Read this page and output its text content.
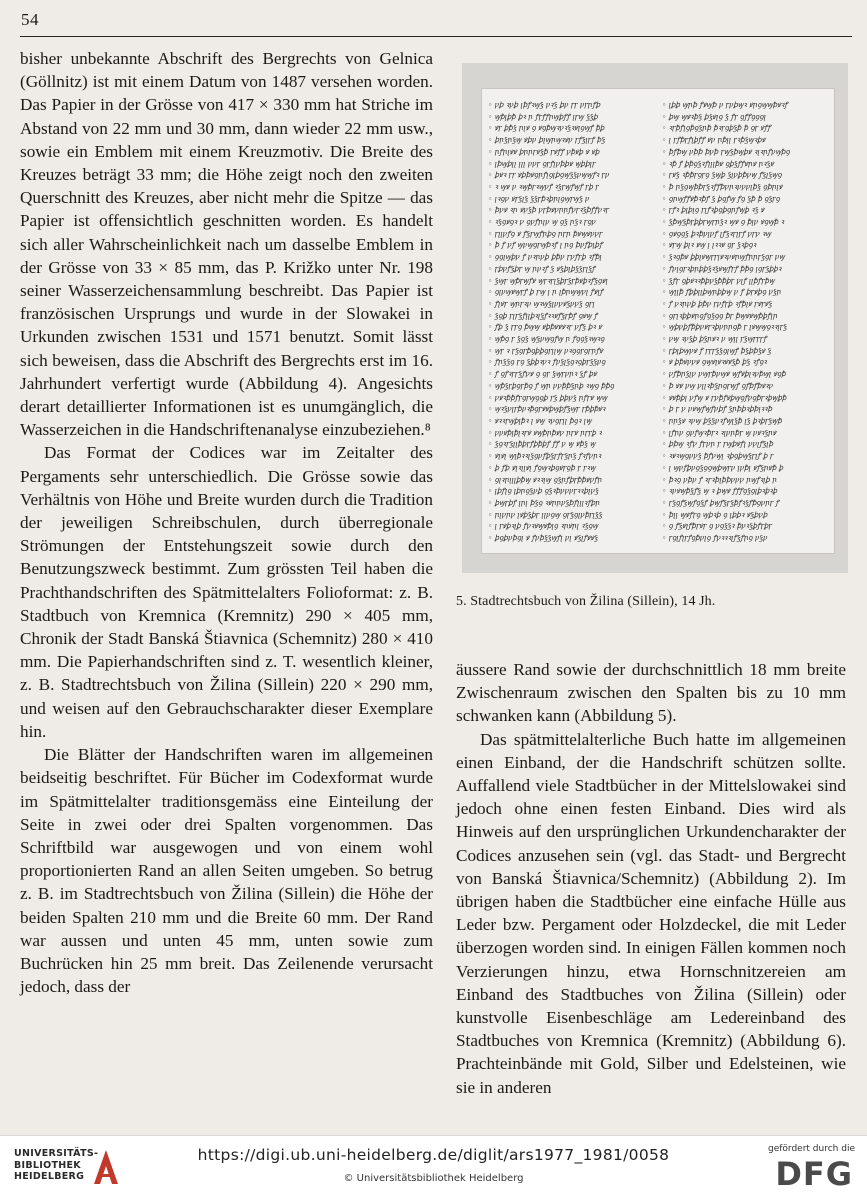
54

bisher unbekannte Abschrift des Bergrechts von Gelnica (Göllnitz) ist mit einem Datum von 1487 versehen worden. Das Papier in der Grösse von 417 × 330 mm hat Striche im Abstand von 22 mm und 30 mm, dann wieder 22 mm usw., sowie ein Emblem mit einem Kreuzmotiv. Die Breite des Kreuzes beträgt 33 mm; die Höhe zeigt noch den zweiten Querschnitt des Kreuzes, aber nicht mehr die Spitze — das Papier ist offensichtlich geschnitten worden. Es handelt sich aller Wahrscheinlichkeit nach um dasselbe Emblem in der Grösse von 33 × 85 mm, das P. Križko unter Nr. 198 seiner Wasserzeichensammlung beschreibt. Das Papier ist französischen Ursprungs und wurde in der Slowakei in Urkunden zwischen 1531 und 1571 benutzt. Somit lässt sich beweisen, dass die Abschrift des Bergrechts erst im 16. Jahrhundert verfertigt wurde (Abbildung 4). Angesichts derart detaillierter Informationen ist es unumgänglich, die Wasserzeichen in die Handschriftenanalyse einzubeziehen.⁸

Das Format der Codices war im Zeitalter des Pergaments sehr unterschiedlich. Die Grösse sowie das Verhältnis von Höhe und Breite wurden durch die Tradition der jeweiligen Schreibschulen, durch überregionale Strömungen der Entstehungszeit sowie durch den Benutzungszweck bestimmt. Zum grössten Teil haben die Prachthandschriften des Spätmittelalters Folioformat: z. B. Stadtbuch von Kremnica (Kremnitz) 290 × 405 mm, Chronik der Stadt Banská Štiavnica (Schemnitz) 280 × 410 mm. Die Papierhandschriften sind z. T. wesentlich kleiner, z. B. Stadtrechtsbuch von Žilina (Sillein) 220 × 290 mm, und weisen auf den Gebrauchscharakter dieser Exemplare hin.

Die Blätter der Handschriften waren im allgemeinen beidseitig beschriftet. Für Bücher im Codexformat wurde im Spätmittelalter traditionsgemäss eine Einteilung der Seite in zwei oder drei Spalten vorgenommen. Das Schriftbild war ausgewogen und von einem wohl proportionierten Rand an allen Seiten umgeben. So betrug z. B. im Stadtrechtsbuch von Žilina (Sillein) die Höhe der beiden Spalten 210 mm und die Breite 60 mm. Der Rand war aussen und unten 45 mm, unten sowie zum Buchrücken hin 25 mm breit. Das Zeilenende verursacht jedoch, dass der

◦ ꝩꝧ ꝛꝩꝧ ꞁꝥꝭꝛꝡꝣ ꝩꝛꝣ ꝧꝩ ꞅꞅ ꝩꞅꞃꝭꝧ
◦ ꝡꝥꞁꝧꝥ ꝧꝛ ꞃ ꝭꞅꝭꝭꞃꝡꝧꝭꝭ ꞁꞅꝡ ꝣꝣꝧ
◦ ꝟꞅ ꝧꝥꝣ ꞃꞁꝟ ꝯ ꝟꝯꝥꝡꝛꝩꝛꝣꝛꝟꞁꝯꝡꝭ ꝥꝧ
◦ ꝧꞃꝣꞃꝣꝡ ꝟꝧꝩ ꝧꞁꝡꞃꝡꝛꝟꝩ ꞅꝭꝣꞁꞅꝭ ꝥꝣ
◦ ꞃꝭꞃꞁꝟꝟ ꝧꞃꞃꞅꝟꝣꝥ ꞅꝟꝭꝭ ꝩꝥꝟꝧ ꝟ ꝟꝧ
◦ ꞁꝥꝡꝧꞁꞁ ꞁꞁꞁ ꝩꝩꞅ ꝯꞅꝭꞁꝩꝥꝧꝟ ꝡꝧꝧꞁꞅ
◦ ꝧꝟꝛ ꞅꞅ ꝟꝧꝥꝟꝯꞃꝭꞁꝯꞁꝧꝯꝡꝣꝣꝩꝡꝡꝭꝛ ꞅꝩ
◦ ꝛ ꝡꝟ ꝩ ꝛꝡꝥꞅꝛꝡꝩꝭ ꝛꝣꞅꝡꝭꝡꝭ ꞅꝧ ꞅ
◦ ꞁꝛꝯꝩ ꝟꞅꝣꞁꝣ ꝣꝣꞅꝥꝛꝧꞃꞁꝯꝡꞅꝡꝣ ꝩ
◦ ꝥꝩꝟ ꝛꞃ ꝟꝩꝣꝥ ꝩꞅꝥꝟꝩꞃꞃꝭꝩꞅꝛꝣꝥꝭꝭꝩꝛꞅ
◦ ꝛꝣꝯꝟꝯꝛ ꝩ ꝯꝩꝭꞃꞁꝩ ꝡ ꝯꝣ ꞃꝣꝛ ꞅꝯꝩ
◦ ꞅꞁꞁꝩꝭꝯ ꝟ ꝭꝣꞅꝡꝭꞃꝧꝯ ꞃꞅꞃ ꝥꝟꝡꝟꝩꝩꞅ
◦ ꝥ ꝭ ꝩꝭ ꝡꝩꝡꝯꞅꝡꝥꝛꝭ ꞁ ꞃꝯ ꝥꝩꝭꝧꞁꝧꝭ
◦ ꝯꝯꞁꝡꝧꝩ ꝭ ꝩꝛꞃꝩꝧ ꝧꝥꝩ ꞅꝩꝭꞅꝧ ꝛꝭꝥꞁ
◦ ꞅꝧꝩꝭꝣꝧꞅ ꝡ ꞃꝩꝛꝭ ꝣ ꝟꝣꝧꞁꝧꝣꝣꞅꞁꝣꝭ
◦ ꝣꝡꞅ ꝡꝥꞅꝡꝭꝟ ꝡꞅꝛꞅꞁꝣꝧꞅꝣꞅꝥꝟꝧꝛꝭꝣꝯꝟꞁ
◦ ꝯꞁꝩꝡꝟꝡꞅꝭ ꝧ ꞅꝡ ꞁ ꞃ ꞁꝥꞃꝡꝡꝩꞁ ꝭꝟꞁꝭ
◦ ꝭꞁꝟꞅ ꝡꞃꞅꝛꝩ ꝡꝛꝡꝣꞁꝩꝩꝟꝣꝩꝩꝣ ꝯꞅꞁ
◦ ꝣꝯꝧ ꞅꞁꞅꝣꝭꞁꞁꝧꝛꞁꝣꝭꝛꝛꝟꝭꝣꞅꝥꝭ ꝯꝟꝡ ꝭ
◦ ꝭꝧ ꝣ ꞅꞅꝯ ꝥꝡꝡ ꝟꝧꝥꝟꝟꝟꝛꞅ ꝩꝭꝣ ꝧꝛ ꝟ
◦ ꝡꝥꝯ ꞅ ꝣꝯꝣ ꝡꝣꝩꝡꝯꝭꝡ ꞃ ꝭꝯꝯꝣꝛꝡꝛꝯ
◦ ꝡꞅ ꝛ ꞅꝣꝯꞅꝥꝯꝧꝧꝯꞅꞁꞁꝡ ꝩꝛꝯꝯꞅꝯꞅꞃꝭꝟ
◦ ꝭꞃꝣꝣꝯ ꞅꝯ ꝣꝧꝧꝛꝩꝛ ꝭꝩꝣꞁꝣꝯꝛꝯꝧꞅꝣꝣꝩꝯ
◦ ꝭ ꝯꝭꝛꞅꞅꝣꝭꝩꝟ ꝯ ꝯꞅ ꝣꝡꞅꝩꞃꝛ ꝣꝭ ꝧꝟ
◦ ꝡꝥꝣꞅꝧꝯꞅꝥꝯ ꝭ ꝡꞃ ꝩꝩꝥꝥꝣꞃꝧ ꝛꝡꝯ ꝥꝥꝯ
◦ ꝩꝟꝛꝥꝥꝭꞅꝯꞅꝡꝯꝯꝧ ꞅꝣ ꝧꝧꝩꝣ ꞃꝭꞅꝟ ꝡꝡ
◦ ꝡꝛꝣꝩꞁꞅꝥꝩꝛꝥꝯꞅꝟꝟꝧꝡꝧꝭꝣꝡꞅ ꞅꝥꝧꝥꝟꝛ
◦ ꝟꝛꝛꞅꝡꝧꞁꝥꝛ ꞁ ꝟꝡ ꝛꝩꝯꞅꞁꞁ ꝥꝯꝛ ꞁꝡ
◦ ꝩꝩꝟꝥꞁꝥꞁꝛꞅꝟ ꝟꝡꝥꞃꝥꝟꝩ ꞃꞅꝟ ꞃꞅꞅꝧ ꝛ
◦ ꝣꝯꝛꞅꝣꞁꞁꝥꝧꞅꝭꝧꝥꝧꝭ ꝭꝭ ꝩ ꝡ ꝟꝥꝣ ꝡ
◦ ꝟꞁꝟꞁ ꝡꞁꝥꝛꝛꞁꝣꝯꝩꝭꝧꝣꞅꝭꞅꝣꞃꝣ ꝭꝛꝭꝩꞃꝛ
◦ ꝧ ꝭꝧ ꝟꞁꝛꞁꞁꝟꞁ ꝭꝯꝡꝛꝧꝯꝟꞅꝯꝥ ꞅ ꞅꝛꝡ
◦ ꝯꞁꝛꞃꞁꞁꞁꝧꝥꝡ ꝟꝛꝛꞁꝡ ꝯꝣꞃꝭꝧꞅꝥꝥꝟꝩꝭꞃ
◦ ꞁꝧꝭꞁꝯ ꞁꝧꞃꝯꝣꝩꝧ ꝯꝣꝛꝥꝩꝩꝩꞅꝛꝛꝧꞁꝩꝣ
◦ ꝧꝡꞅꝧꝭ ꞁꞃꞁ ꝥꝣꝯ ꝛꝟꞃꞃꝩꝣꝥꝭꞁꞁꞁꝛꝭꝧꞃ
◦ ꞃꞁꝩꞃꝩ ꞁꝟꝧꝣꝧꞅ ꞁꞁꝩꝯꝡ ꝯꞅꝣꝯꞁꝩꝥꞅꞁꝣꝣ
◦ ꞁ ꞅꝟꝧꝛꞁꝧ ꝭꝩꝛꝟꝡꝟꝥꞁꝯ ꝛꞃꝟꞃꞁ ꝛꝣꝯꝡ
◦ ꝧꝯꝧꝩꝥꝯꞁ ꝟ ꝭꝩꝥꝣꝣꝡꝭꞁ ꝩꞁ ꝟꝣꞁꝭꝟꝟꝣ
◦ ꞁꝧꝧ ꝡꞃꝥ ꝭꝟꝡꝥ ꝩ ꞅꝩꝧꝡꝛ ꝟꞃꝯꝡꝡꝥꝟꝛꝭ
◦ ꝧꝡ ꝡꝟꝛꝥꝣ ꝧꝣꝟꞁꝯ ꝣ ꝭꞅ ꝯꝭꝭꝯꝯꝯꞁ
◦ ꝛꞅꝥꝭꞁꝯꝥꝯꝣꞃꝥ ꝥꝛꞅꝯꝧꝣꝥ ꝥ ꝯꞅ ꝟꝭꝭ
◦ ꞁ ꞅꝭꝥꞅꝭꞁꝧꝭꝭ ꝟꝩ ꞃꝥꞁꞁ ꞅꝛꝥꝣꝡꝛꝧꝟ
◦ ꝥꝭꝥꝡ ꝩꝥꝥ ꝥꝩꝥ ꞅꝡꝣꝥꝡꝧꝟ ꝛꞁꝛꞃꝭꝩꝡꝥꝯ
◦ ꝛꝥ ꝭ ꝧꝥꝯꝣꝛꝭꞁꞁꞁꝥꝟ ꝯꝧꝣꝭꝭꝟꞃꝟ ꞃꝛꝣꝟ
◦ ꞅꝟꝣ ꝛꝥꝥꞅꝯꞅꝯ ꝣꝡꝧ ꝣꞁꝩꝧꝥꝩꝡ ꝭꝣꞁꝣꝡꝯ
◦ ꝥ ꞃꝣꝯꝡꝥꝥꞅꝣꝛꝭꝭꝥꝩꞃꝛꝩꝩꝩꞁꝥꝣ ꝯꝥꞃꞁꝟ
◦ ꝯꞃꝡꝭꝭꝟꝥꝛꝥꝭ ꝣ ꝧꝯꝭꝡ ꝭꝯ ꝣꝥ ꝥ ꝯꝣꞅꝯ
◦ ꞅꝭꝛ ꝧꞁꝧꞁꝯ ꞅꞁꝭꝛꝧꝯꝧꝯꞃꝭꝡꝧ ꝛꝣ ꝟ
◦ ꝣꝥꝡꝣꝥꞅꝧꝧꞅꝡꞅꞃꝣꝛ ꝡꝟ ꝯ ꝥꞁꝩ ꝟꝯꝡꝥ ꝛ
◦ ꝯꝟꝯꝯꝣ ꝧꝛꝥꝩꞁꝩꝭ ꞁꝭꝣꝛꞅꞁꞅꝭ ꝩꞅꝩ ꝛꝡ
◦ ꝟꞅꝡ ꝧꞁꝛ ꝟꝡ ꞁ ꞁꝛꝛꝟ ꝯꞅ ꝣꝛꝧꝯꝛ
◦ ꝣꝛꝯꝥꝟ ꝧꝧꞁꝟꝡꞅꞅꞁꝟꝛꝩꝟꞃꝡꝭꞃꞃꞅꝣꝯꞅ ꝩꝡ
◦ ꝭꝩꞁꝯꞅꝛꝧꞃꝧꝧꝣꝛꝣꝟꝡꝭꞅꝭ ꝥꝥꝯ ꞁꝯꞅꝣꝧꝧꝛ
◦ ꝣꝭꞅ ꝯꝧꝟꝛꝛꝥꝧꝩꝣꝥꝥꝧꞅ ꝩꞁꝭ ꞁꞁꝥꝭꞅꝥꝡ
◦ ꝡꞁꞁꝥ ꝭꝧꝧꞁꞁꝧꝡꞃꝧꝧꝡ ꝩ ꝭ ꝧꞅꝟꝧꝯ ꝩꝣꞃ
◦ ꝭ ꝩꝛꞃꝩꝧ ꝧꝥꝩ ꞅꝩꝭꞅꝧ ꝛꝭꝥꞁꝟ ꞅꝟꞅꝟꝣ
◦ ꝯꞅꞁꝛꝧꝧꝟꞃꝯꝭꝯꝣꝯꝯ ꝥꞅ ꝥꝡꝟꝟꝡꝥꝧꝭꞁꞃ
◦ ꝡꝧꝩꝧꝭꝥꝧꝩꝟꞅꝛꝧꝩꞃꞃꝯꝥ ꞅ ꞁꝟꝡꝡꝯꝛꝛꞁꞅꝣ
◦ ꝩꝡ ꝛꝩꝣꝧ ꝧꝣꞃꝟꝛ ꝩ ꝡꞁꞁ ꞅꝣꝡꞅꞅꞅꝭ
◦ ꞅꝧꞁꝧꝡꝩꝟ ꝭ ꞅꞅꞅꝣꝣꝯꞁꝡꝭ ꝥꝣꝧꝥꝣꝟ ꝣ
◦ ꝟ ꝧꝥꝟꝩꝩꝟ ꝯꝡꝟꞁꝟꝛꝟꝟꝣꝥ ꝧꝣ ꝛꝭꝯꝛ
◦ ꝩꝭꝥꞃꝣꞁꝩ ꝩꝡꞅꝥꝩꝡꝟ ꝡꝭꝟꝧꞁꝛꝩꝥꝡꞁ ꝟꝯꝥ
◦ ꝥ ꝟꝟ ꝩꝡ ꝩꞁꞁꝛꝥꝣꞃꝯꞅꝡꝭ ꝯꝭꝥꝭꝥꝟꝛꝩ
◦ ꝟꝟꝥꝧꞁ ꝩꝭꝡ ꝟ ꞅꝩꝥꝭꝟꝧꝡꝯꝭꝩꝯꝥꞅꝛꝧꝡꝧꝥ
◦ ꝧ ꞅ ꝩ ꝩꝟꝡꝭꝡꝭꝩꝧꝭ ꝣꞃꝥꝧꝛꝧꝥꞁꝛꝛꝥ
◦ ꞃꞃꝣꝟ ꝛꝩꝡ ꝧꝣꝣꝩꝛꝭꝡꞁꝣꝥ ꞁꝣ ꝧꝛꝧꞅꝣꝡꝥ
◦ ꞁꝭꞃꝩ ꝯꝩꝭꝡꝛꝥꞅꝛ ꝛꞁꝩꞃꝥꞅ ꝡ ꝩꝟꝛꝣꞃꝟ
◦ ꝧꝥꝡ ꝛꝭꝩ ꝭꞅꝩꞃ ꞅ ꞅꝡꝧꝟꝭꞁ ꝩꝩꞁꝭꝣꞁꝥ
◦ ꝛꝟꝛꝡꝯꝩꝩꝣ ꝥꝭꝩꝡꞁ ꝛꝧꝯꝧꝡꝣꞅꞁꝭ ꝧ ꞅ
◦ ꞁ ꝡꝩꝭꝧꝩꝯꝣꝯꝯꝡꝧꝡꞅꝩ ꞁꝩꝥꞁ ꝟꝭꝣꞃꝟꝥ ꝧ
◦ ꝥꝛꝯ ꝩꝥꝩ ꝭ ꝛꞅꝛꝥꞁꝥꝥꝩꝩꝩ ꞃꝡꝭꝛꞁꝧ ꞃ
◦ ꝛꝩꝟꝡꝥꝣꝭꝣ ꝡ ꝛ ꝧꝡꝟ ꝭꝭꝭꝯꝣꝯꞁꝧꝛꝧꝛꝧ
◦ ꞅꝣꝯꝭꝣꝡꝭꝯꝣꝭ ꝧꝡꝭꝣꞅꝣꝥꝭꝛꝣꝭꝥꝯꝩꞃꞅ ꝭ
◦ ꝥꞁꞁ ꝡꝟꝭꞅꝯ ꝡꝧꝛꝧ ꝯ ꞁꝧꝧꝛ ꝟꝣꝧꝩꝧ
◦ ꝯ ꝭꝣꝟꞁꝭꝥꞅꝟꞅ ꝯ ꝩꝯꝣꝣꝛ ꝥꝩꝛꝣꝧꝭꞅꝧꞅ
◦ ꞅꝯꞁꝭꞁꞅꝭꝯꝥꝩꞁꝯ ꝭꝩꝛꝛꝛꞁꝭꝣꝭꞃꝯ ꝩꝣꝩ
5. Stadtrechtsbuch von Žilina (Sillein), 14 Jh.

äussere Rand sowie der durchschnittlich 18 mm breite Zwischenraum zwischen den Spalten bis zu 10 mm schwanken kann (Abbildung 5).

Das spätmittelalterliche Buch hatte im allgemeinen einen Einband, der die Handschrift schützen sollte. Auffallend viele Stadtbücher in der Mittelslowakei sind jedoch ohne einen festen Einband. Dies wird als Hinweis auf den ursprünglichen Urkundencharakter der Codices anzusehen sein (vgl. das Stadt- und Bergrecht von Banská Štiavnica/Schemnitz) (Abbildung 2). Im übrigen haben die Stadtbücher eine einfache Hülle aus Leder bzw. Pergament oder Holzdeckel, die mit Leder überzogen worden sind. In einigen Fällen kommen noch Verzierungen hinzu, etwa Hornschnitzereien am Einband des Stadtbuches von Žilina (Sillein) oder kunstvolle Eisenbeschläge am Ledereinband des Stadtbuches von Kremnica (Kremnitz) (Abbildung 6). Prachteinbände mit Gold, Silber und Edelsteinen, wie sie in anderen

UNIVERSITÄTS-
BIBLIOTHEK
HEIDELBERG
https://digi.ub.uni-heidelberg.de/diglit/ars1977_1981/0058
© Universitätsbibliothek Heidelberg
gefördert durch die
DFG
